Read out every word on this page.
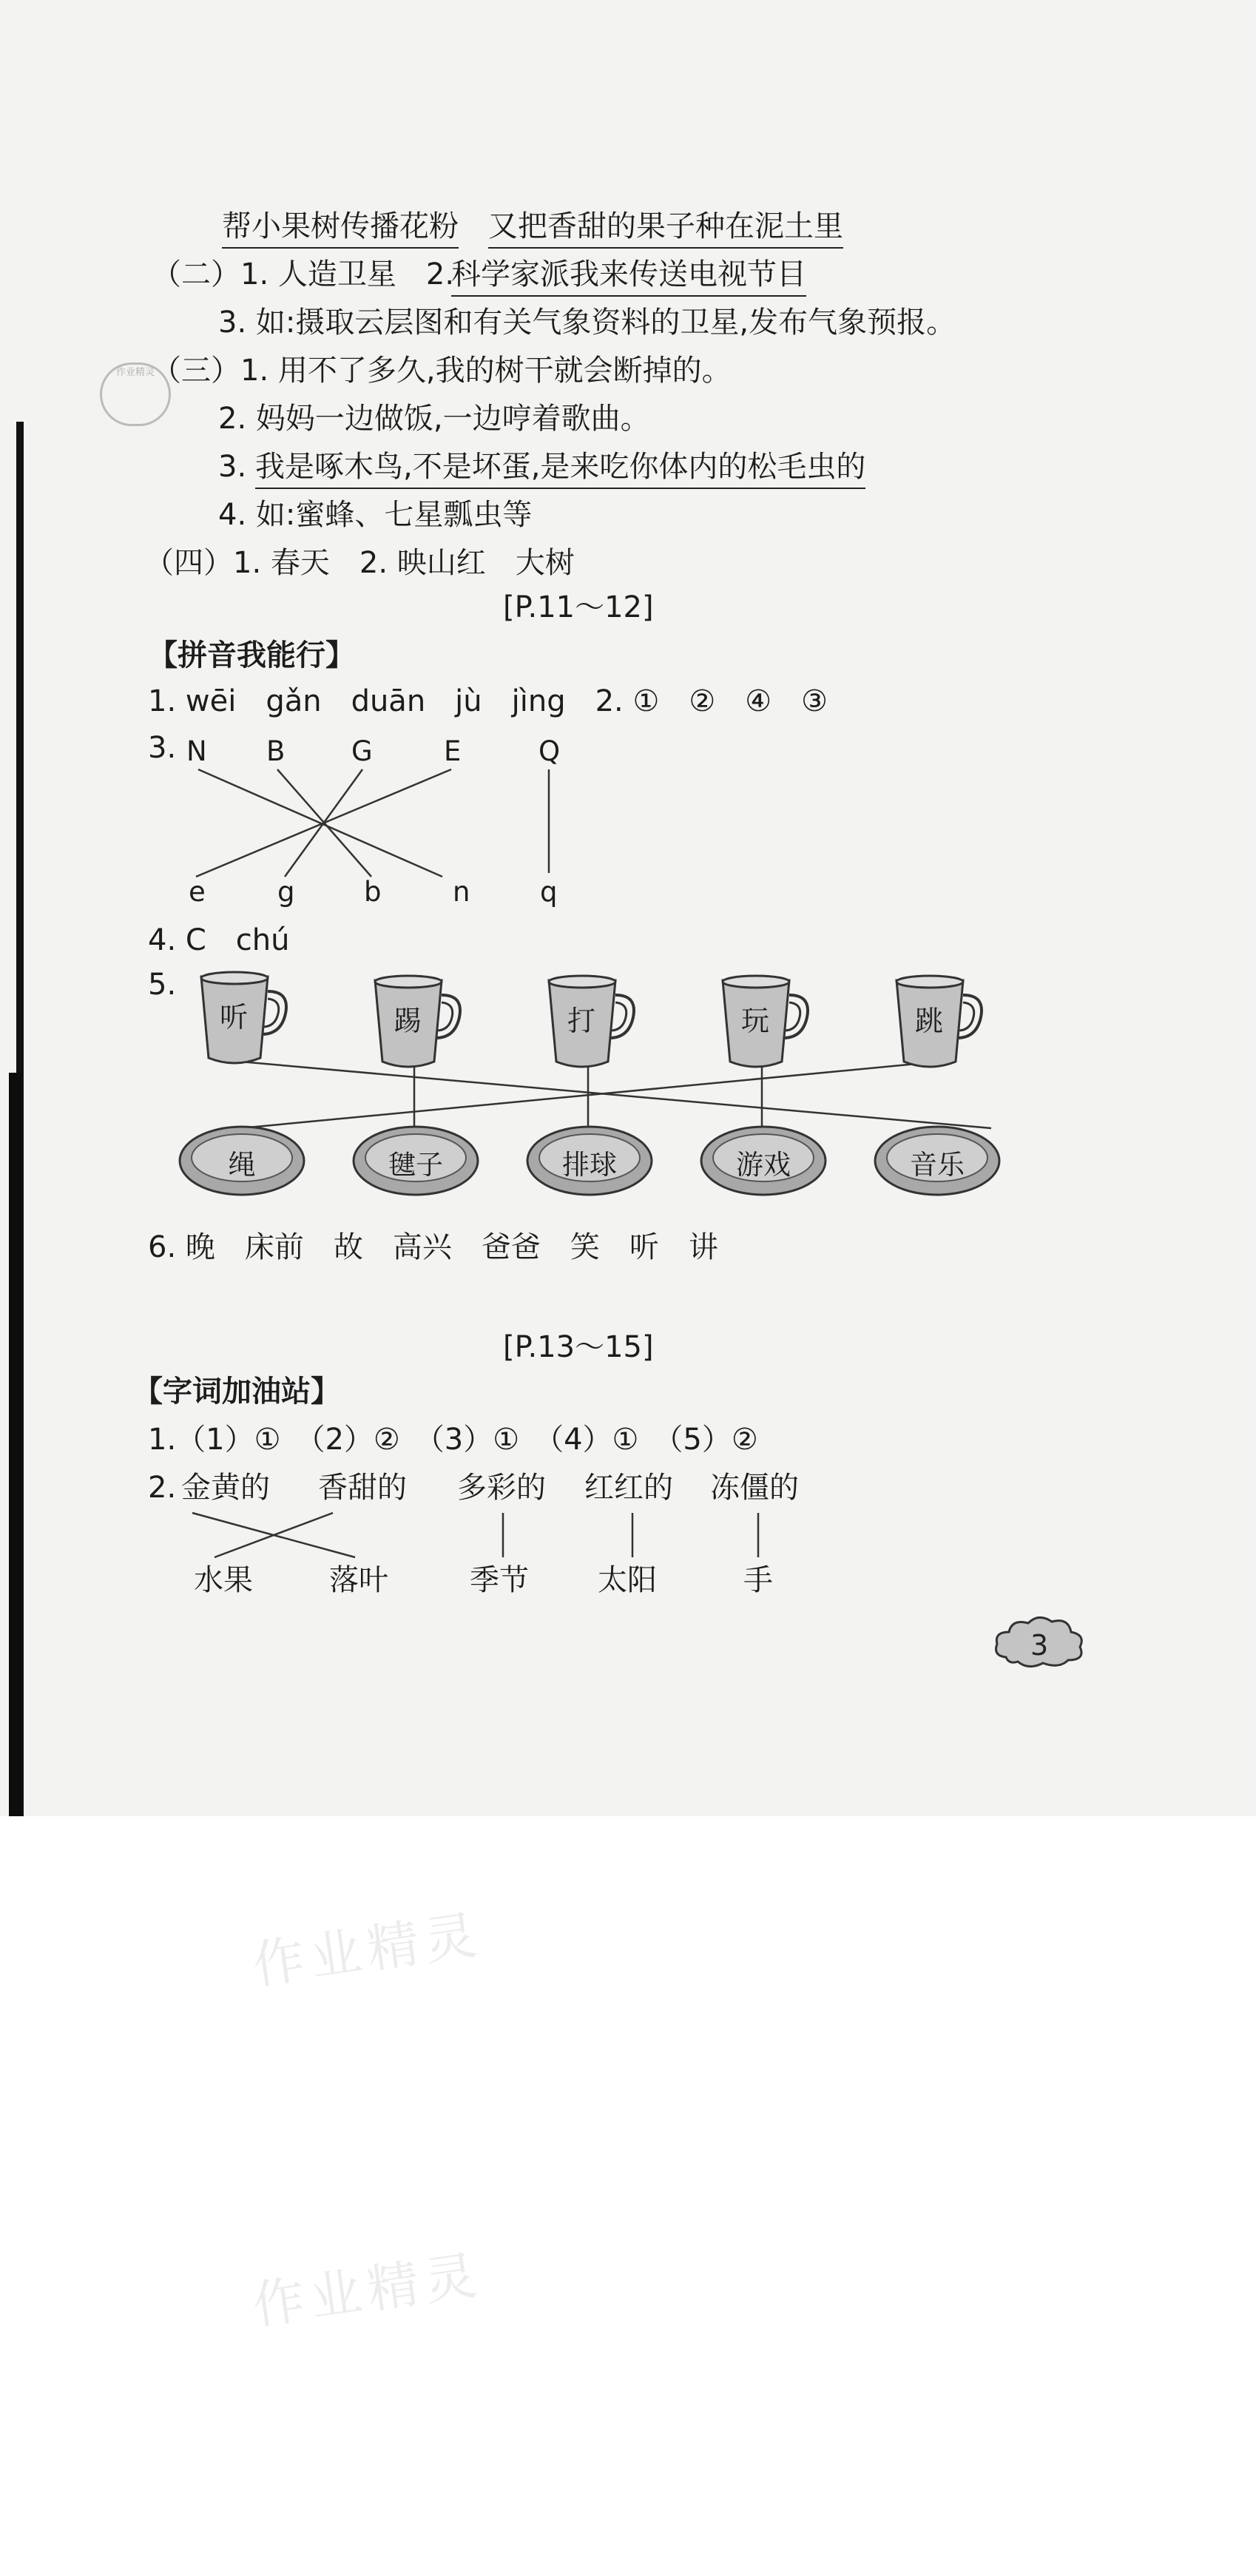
作业精灵
帮小果树传播花粉 又把香甜的果子种在泥土里
（二）1. 人造卫星　2.
科学家派我来传送电视节目
3. 如:摄取云层图和有关气象资料的卫星,发布气象预报。
（三）1. 用不了多久,我的树干就会断掉的。
2. 妈妈一边做饭,一边哼着歌曲。
3. 我是啄木鸟,不是坏蛋,是来吃你体内的松毛虫的
4. 如:蜜蜂、七星瓢虫等
（四）1. 春天　2. 映山红　大树
[P.11～12]
【拼音我能行】
1. wēi　gǎn　duān　jù　jìng　2. ①　②　④　③
3. N B G	E	Q
e	g	b	n	q
4. C　chú
5.
听	踢	打	玩	跳
绳	毽子	排球	游戏	音乐
6. 晚　床前　故　高兴　爸爸　笑　听　讲
[P.13～15]
【字词加油站】
1.（1）①　（2）②　（3）①　（4）①　（5）②
2. 金黄的 香甜的 多彩的 红红的 冻僵的
水果	落叶	季节 太阳	手
3
作业精灵
作业精灵
